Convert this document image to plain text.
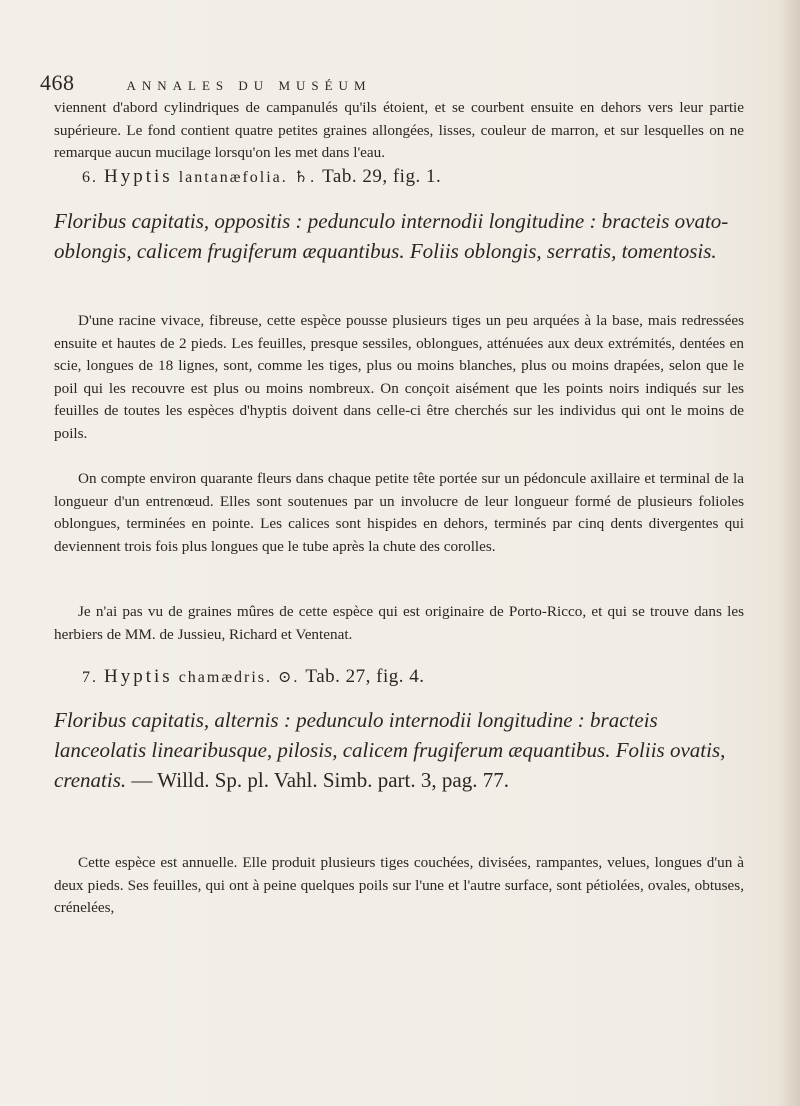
468	ANNALES DU MUSÉUM

viennent d'abord cylindriques de campanulés qu'ils étoient, et se courbent ensuite en dehors vers leur partie supérieure. Le fond contient quatre petites graines allongées, lisses, couleur de marron, et sur lesquelles on ne remarque aucun mucilage lorsqu'on les met dans l'eau.

6. Hyptis lantanæfolia. ♄. Tab. 29, fig. 1.

Floribus capitatis, oppositis : pedunculo internodii longitudine : bracteis ovato-oblongis, calicem frugiferum æquantibus. Foliis oblongis, serratis, tomentosis.

D'une racine vivace, fibreuse, cette espèce pousse plusieurs tiges un peu arquées à la base, mais redressées ensuite et hautes de 2 pieds. Les feuilles, presque sessiles, oblongues, atténuées aux deux extrémités, dentées en scie, longues de 18 lignes, sont, comme les tiges, plus ou moins blanches, plus ou moins drapées, selon que le poil qui les recouvre est plus ou moins nombreux. On conçoit aisément que les points noirs indiqués sur les feuilles de toutes les espèces d'hyptis doivent dans celle-ci être cherchés sur les individus qui ont le moins de poils.

On compte environ quarante fleurs dans chaque petite tête portée sur un pédoncule axillaire et terminal de la longueur d'un entrenœud. Elles sont soutenues par un involucre de leur longueur formé de plusieurs folioles oblongues, terminées en pointe. Les calices sont hispides en dehors, terminés par cinq dents divergentes qui deviennent trois fois plus longues que le tube après la chute des corolles.

Je n'ai pas vu de graines mûres de cette espèce qui est originaire de Porto-Ricco, et qui se trouve dans les herbiers de MM. de Jussieu, Richard et Ventenat.

7. Hyptis chamædris. ⊙. Tab. 27, fig. 4.

Floribus capitatis, alternis : pedunculo internodii longitudine : bracteis lanceolatis linearibusque, pilosis, calicem frugiferum æquantibus. Foliis ovatis, crenatis. — Willd. Sp. pl. Vahl. Simb. part. 3, pag. 77.

Cette espèce est annuelle. Elle produit plusieurs tiges couchées, divisées, rampantes, velues, longues d'un à deux pieds. Ses feuilles, qui ont à peine quelques poils sur l'une et l'autre surface, sont pétiolées, ovales, obtuses, crénelées,
